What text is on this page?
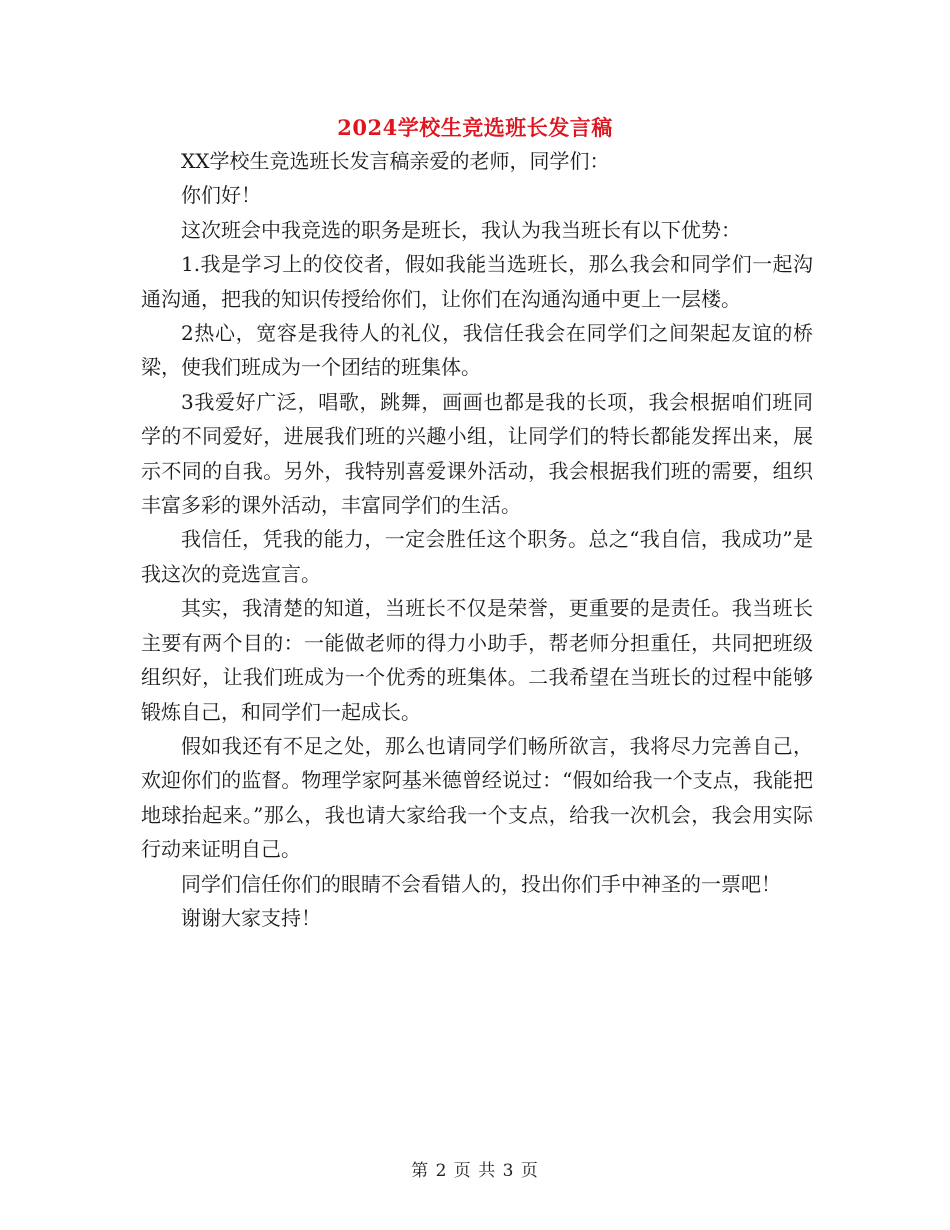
2024学校生竞选班长发言稿

XX学校生竞选班长发言稿亲爱的老师，同学们：

你们好！

这次班会中我竞选的职务是班长，我认为我当班长有以下优势：

1.我是学习上的佼佼者，假如我能当选班长，那么我会和同学们一起沟通沟通，把我的知识传授给你们，让你们在沟通沟通中更上一层楼。

2热心，宽容是我待人的礼仪，我信任我会在同学们之间架起友谊的桥梁，使我们班成为一个团结的班集体。

3我爱好广泛，唱歌，跳舞，画画也都是我的长项，我会根据咱们班同学的不同爱好，进展我们班的兴趣小组，让同学们的特长都能发挥出来，展示不同的自我。另外，我特别喜爱课外活动，我会根据我们班的需要，组织丰富多彩的课外活动，丰富同学们的生活。

我信任，凭我的能力，一定会胜任这个职务。总之“我自信，我成功”是我这次的竞选宣言。

其实，我清楚的知道，当班长不仅是荣誉，更重要的是责任。我当班长主要有两个目的：一能做老师的得力小助手，帮老师分担重任，共同把班级组织好，让我们班成为一个优秀的班集体。二我希望在当班长的过程中能够锻炼自己，和同学们一起成长。

假如我还有不足之处，那么也请同学们畅所欲言，我将尽力完善自己，欢迎你们的监督。物理学家阿基米德曾经说过：“假如给我一个支点，我能把地球抬起来。”那么，我也请大家给我一个支点，给我一次机会，我会用实际行动来证明自己。

同学们信任你们的眼睛不会看错人的，投出你们手中神圣的一票吧！

谢谢大家支持！

第 2 页 共 3 页
